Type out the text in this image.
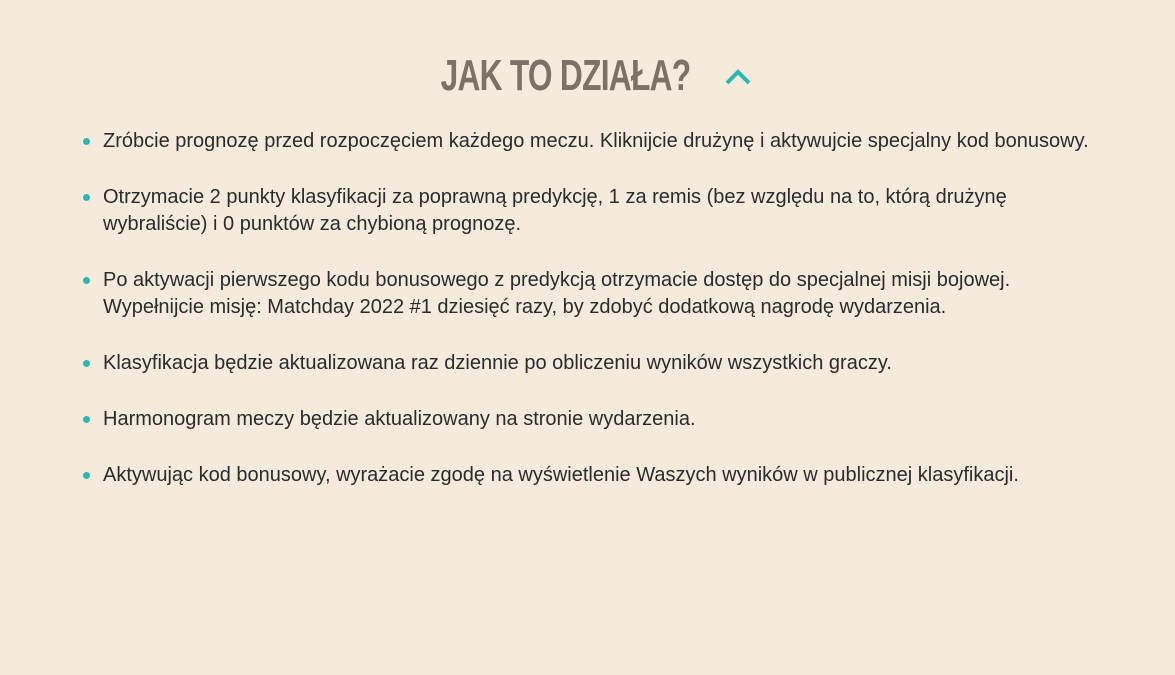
JAK TO DZIAŁA?
Zróbcie prognozę przed rozpoczęciem każdego meczu. Kliknijcie drużynę i aktywujcie specjalny kod bonusowy.
Otrzymacie 2 punkty klasyfikacji za poprawną predykcję, 1 za remis (bez względu na to, którą drużynę wybraliście) i 0 punktów za chybioną prognozę.
Po aktywacji pierwszego kodu bonusowego z predykcją otrzymacie dostęp do specjalnej misji bojowej. Wypełnijcie misję: Matchday 2022 #1 dziesięć razy, by zdobyć dodatkową nagrodę wydarzenia.
Klasyfikacja będzie aktualizowana raz dziennie po obliczeniu wyników wszystkich graczy.
Harmonogram meczy będzie aktualizowany na stronie wydarzenia.
Aktywując kod bonusowy, wyrażacie zgodę na wyświetlenie Waszych wyników w publicznej klasyfikacji.
